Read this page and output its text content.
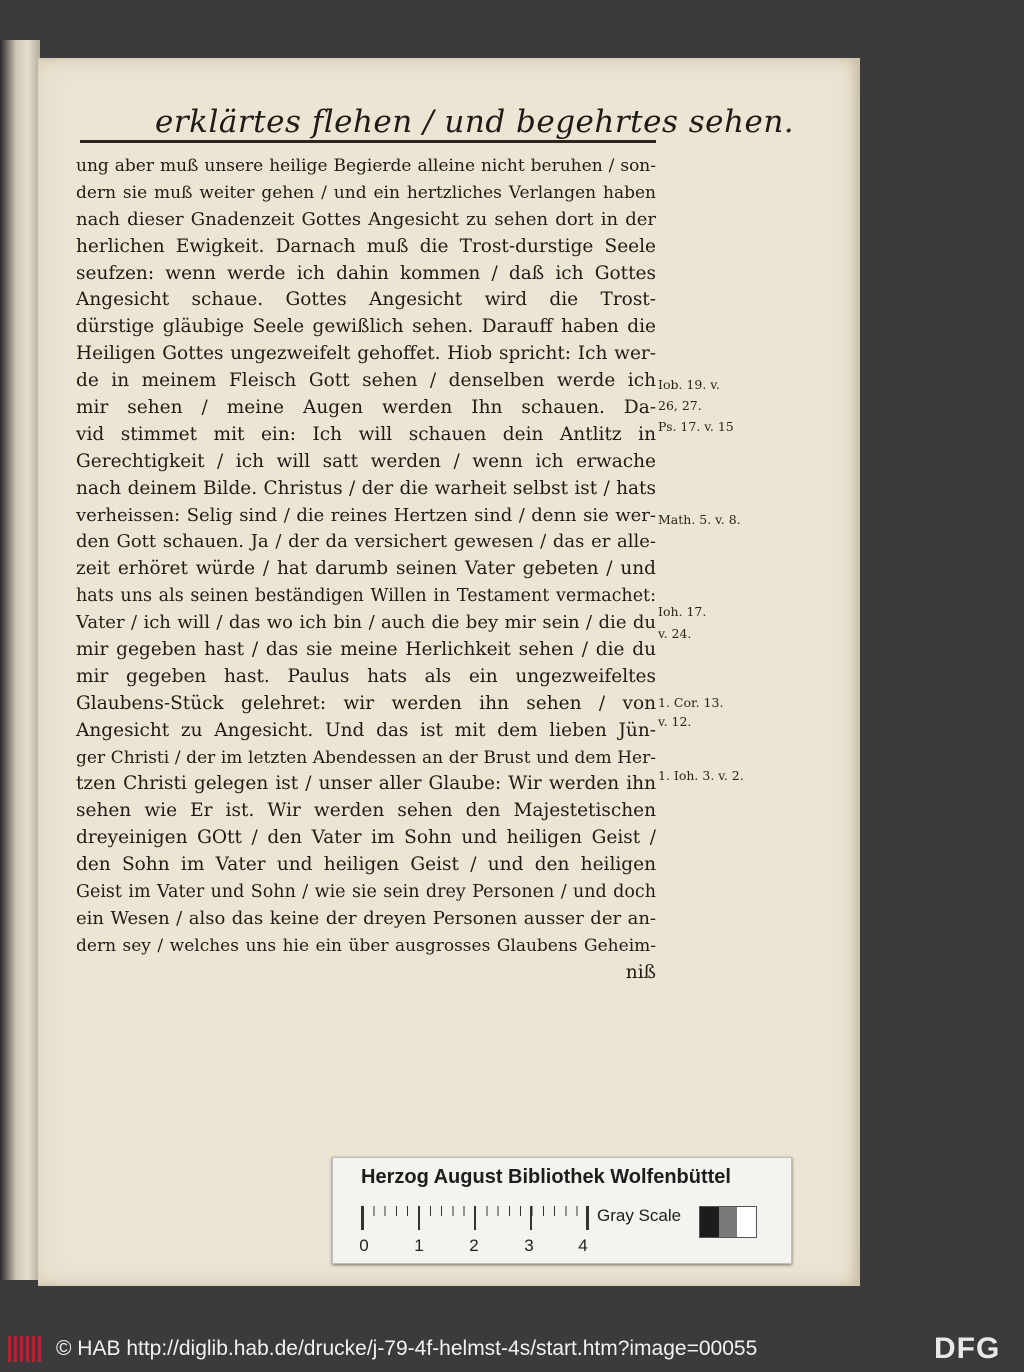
erklärtes flehen / und begehrtes sehen.
ung aber muß unsere heilige Begierde alleine nicht beruhen / son-
dern sie muß weiter gehen / und ein hertzliches Verlangen haben
nach dieser Gnadenzeit Gottes Angesicht zu sehen dort in der
herlichen Ewigkeit. Darnach muß die Trost-durstige Seele
seufzen: wenn werde ich dahin kommen / daß ich Gottes
Angesicht schaue. Gottes Angesicht wird die Trost-
dürstige gläubige Seele gewißlich sehen. Darauff haben die
Heiligen Gottes ungezweifelt gehoffet. Hiob spricht: Ich wer-
de in meinem Fleisch Gott sehen / denselben werde ich
mir sehen / meine Augen werden Ihn schauen. Da-
vid stimmet mit ein: Ich will schauen dein Antlitz in
Gerechtigkeit / ich will satt werden / wenn ich erwache
nach deinem Bilde. Christus / der die warheit selbst ist / hats
verheissen: Selig sind / die reines Hertzen sind / denn sie wer-
den Gott schauen. Ja / der da versichert gewesen / das er alle-
zeit erhöret würde / hat darumb seinen Vater gebeten / und
hats uns als seinen beständigen Willen in Testament vermachet:
Vater / ich will / das wo ich bin / auch die bey mir sein / die du
mir gegeben hast / das sie meine Herlichkeit sehen / die du
mir gegeben hast. Paulus hats als ein ungezweifeltes
Glaubens-Stück gelehret: wir werden ihn sehen / von
Angesicht zu Angesicht. Und das ist mit dem lieben Jün-
ger Christi / der im letzten Abendessen an der Brust und dem Her-
tzen Christi gelegen ist / unser aller Glaube: Wir werden ihn
sehen wie Er ist. Wir werden sehen den Majestetischen
dreyeinigen GOtt / den Vater im Sohn und heiligen Geist /
den Sohn im Vater und heiligen Geist / und den heiligen
Geist im Vater und Sohn / wie sie sein drey Personen / und doch
ein Wesen / also das keine der dreyen Personen ausser der an-
dern sey / welches uns hie ein über ausgrosses Glaubens Geheim-
niß
Iob. 19. v.
26, 27.
Ps. 17. v. 15
Math. 5. v. 8.
Ioh. 17.
v. 24.
1. Cor. 13.
v. 12.
1. Ioh. 3. v. 2.
Herzog August Bibliothek Wolfenbüttel
0	1	2	3	4
Gray Scale
© HAB http://diglib.hab.de/drucke/j-79-4f-helmst-4s/start.htm?image=00055	DFG
